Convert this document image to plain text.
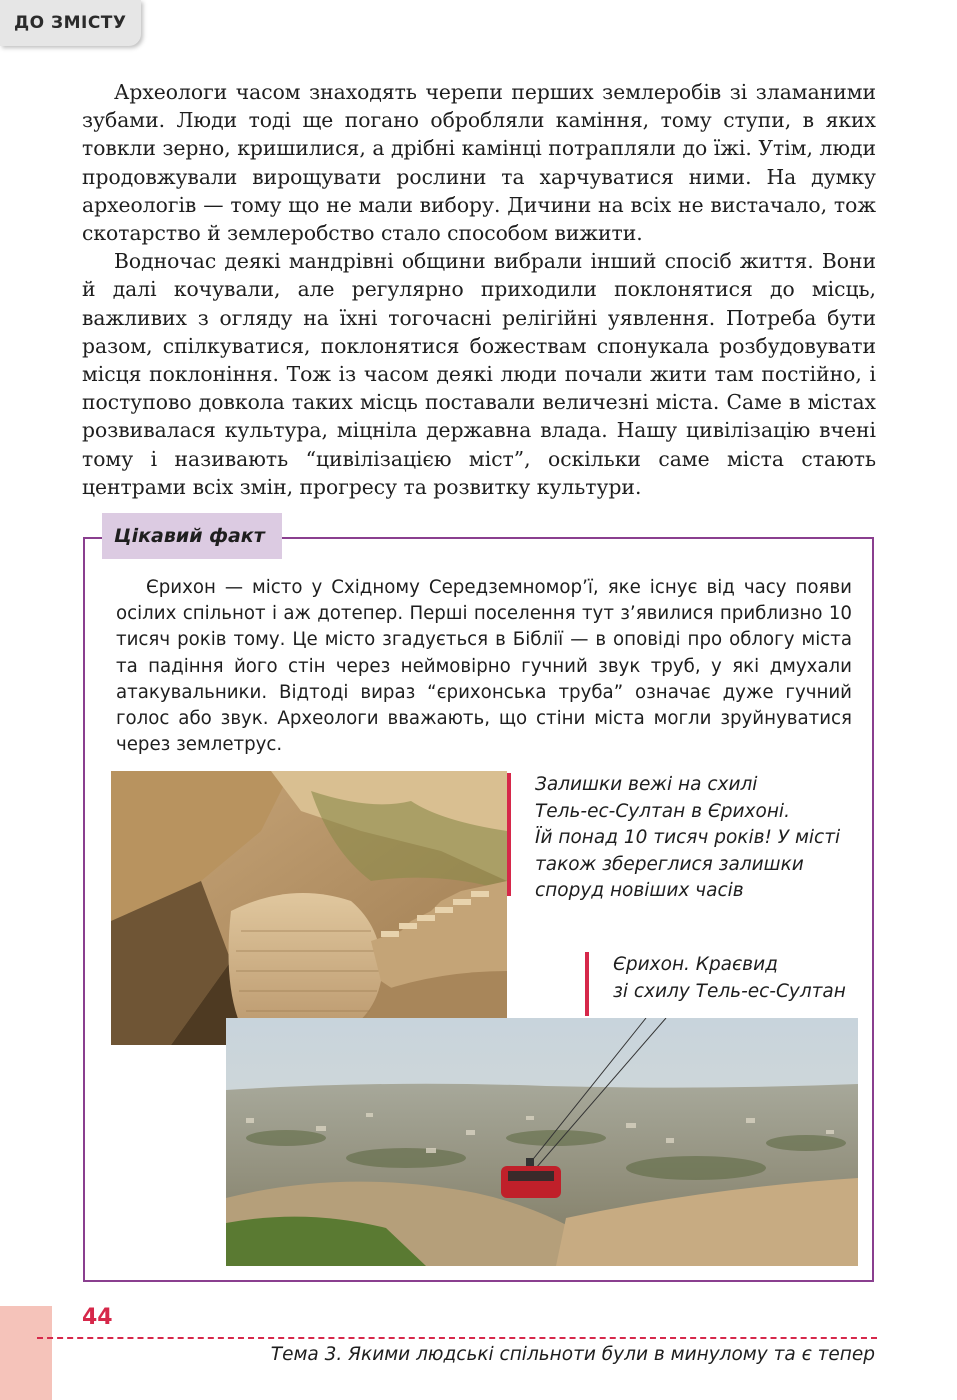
ДО ЗМІСТУ

Археологи часом знаходять черепи перших землеробів зі зламаними зубами. Люди тоді ще погано обробляли каміння, тому ступи, в яких товкли зерно, кришилися, а дрібні камінці потрапляли до їжі. Утім, люди продовжували вирощувати рослини та харчуватися ними. На думку археологів — тому що не мали вибору. Дичини на всіх не вистачало, тож скотарство й землеробство стало способом вижити.

Водночас деякі мандрівні общини вибрали інший спосіб життя. Вони й далі кочували, але регулярно приходили поклонятися до місць, важливих з огляду на їхні тогочасні релігійні уявлення. Потреба бути разом, спілкуватися, поклонятися божествам спонукала розбудовувати місця поклоніння. Тож із часом деякі люди почали жити там постійно, і поступово довкола таких місць поставали величезні міста. Саме в містах розвивалася культура, міцніла державна влада. Нашу цивілізацію вчені тому і називають “цивілізацією міст”, оскільки саме міста стають центрами всіх змін, прогресу та розвитку культури.

Цікавий факт

Єрихон — місто у Східному Середземномор’ї, яке існує від часу появи осілих спільнот і аж дотепер. Перші поселення тут з’явилися приблизно 10 тисяч років тому. Це місто згадується в Біблії — в оповіді про облогу міста та падіння його стін через неймовірно гучний звук труб, у які дмухали атакувальники. Відтоді вираз “єрихонська труба” означає дуже гучний голос або звук. Археологи вважають, що стіни міста могли зруйнуватися через землетрус.

Залишки вежі на схилі
Тель-ес-Султан в Єрихоні.
Їй понад 10 тисяч років! У місті
також збереглися залишки
споруд новіших часів
Єрихон. Краєвид
зі схилу Тель-ес-Султан
44
Тема 3. Якими людські спільноти були в минулому та є тепер
